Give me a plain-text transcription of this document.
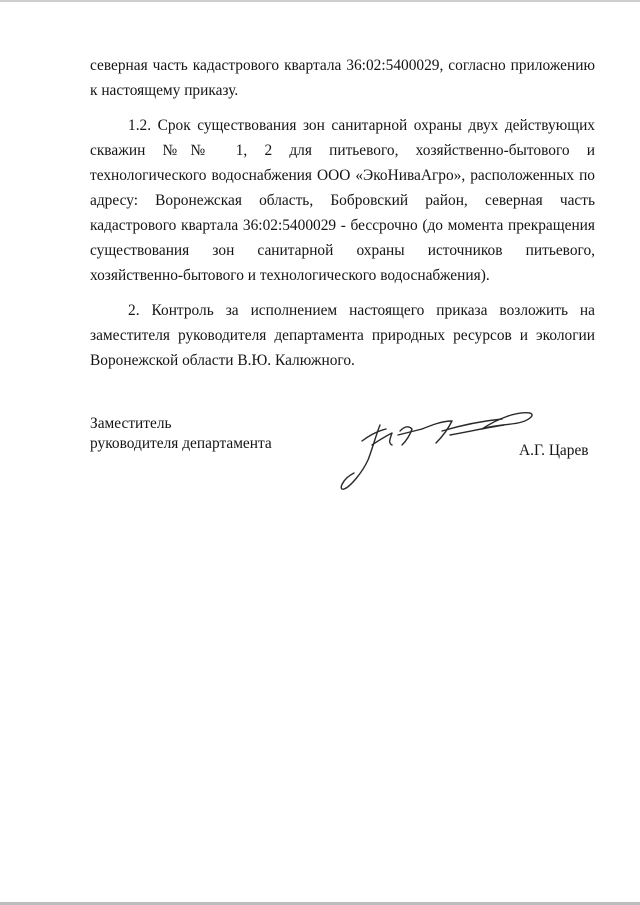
северная часть кадастрового квартала 36:02:5400029, согласно приложению к настоящему приказу.

1.2. Срок существования зон санитарной охраны двух действующих скважин №№ 1, 2 для питьевого, хозяйственно-бытового и технологического водоснабжения ООО «ЭкоНиваАгро», расположенных по адресу: Воронежская область, Бобровский район, северная часть кадастрового квартала 36:02:5400029 - бессрочно (до момента прекращения существования зон санитарной охраны источников питьевого, хозяйственно-бытового и технологического водоснабжения).

2. Контроль за исполнением настоящего приказа возложить на заместителя руководителя департамента природных ресурсов и экологии Воронежской области В.Ю. Калюжного.

Заместитель
руководителя департамента	А.Г. Царев
